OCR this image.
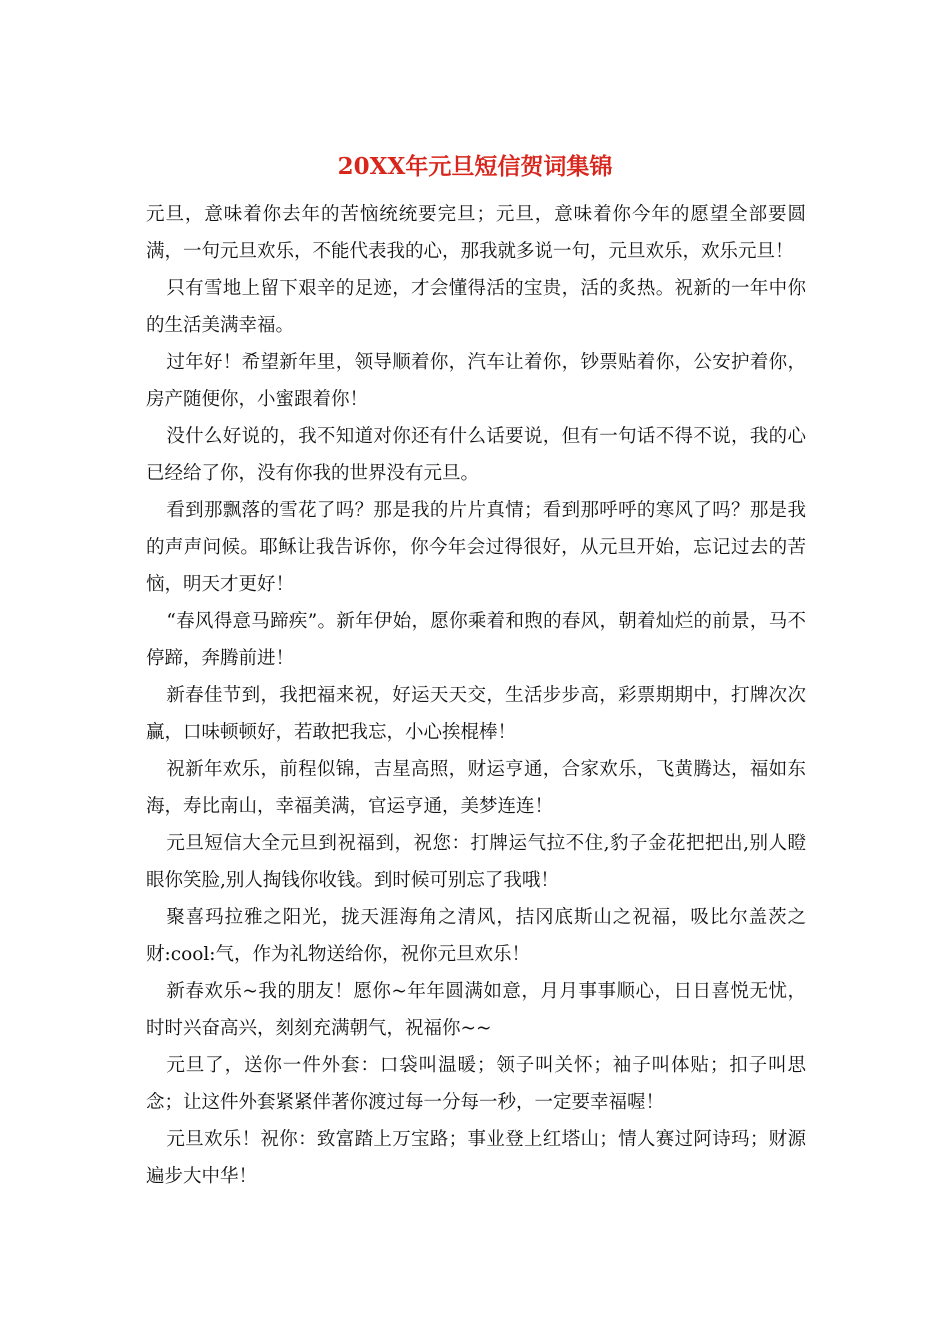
20XX年元旦短信贺词集锦

元旦，意味着你去年的苦恼统统要完旦；元旦，意味着你今年的愿望全部要圆满，一句元旦欢乐，不能代表我的心，那我就多说一句，元旦欢乐，欢乐元旦！

只有雪地上留下艰辛的足迹，才会懂得活的宝贵，活的炙热。祝新的一年中你的生活美满幸福。

过年好！希望新年里，领导顺着你，汽车让着你，钞票贴着你，公安护着你，房产随便你，小蜜跟着你！

没什么好说的，我不知道对你还有什么话要说，但有一句话不得不说，我的心已经给了你，没有你我的世界没有元旦。

看到那飘落的雪花了吗？那是我的片片真情；看到那呼呼的寒风了吗？那是我的声声问候。耶稣让我告诉你，你今年会过得很好，从元旦开始，忘记过去的苦恼，明天才更好！

“春风得意马蹄疾”。新年伊始，愿你乘着和煦的春风，朝着灿烂的前景，马不停蹄，奔腾前进！

新春佳节到，我把福来祝，好运天天交，生活步步高，彩票期期中，打牌次次赢，口味顿顿好，若敢把我忘，小心挨棍棒！

祝新年欢乐，前程似锦，吉星高照，财运亨通，合家欢乐，飞黄腾达，福如东海，寿比南山，幸福美满，官运亨通，美梦连连！

元旦短信大全元旦到祝福到，祝您：打牌运气拉不住,豹子金花把把出,别人瞪眼你笑脸,别人掏钱你收钱。到时候可别忘了我哦！

聚喜玛拉雅之阳光，拢天涯海角之清风，拮冈底斯山之祝福，吸比尔盖茨之财:cool:气，作为礼物送给你，祝你元旦欢乐！

新春欢乐~我的朋友！愿你~年年圆满如意，月月事事顺心，日日喜悦无忧，时时兴奋高兴，刻刻充满朝气，祝福你~~

元旦了，送你一件外套：口袋叫温暖；领子叫关怀；袖子叫体贴；扣子叫思念；让这件外套紧紧伴著你渡过每一分每一秒，一定要幸福喔！

元旦欢乐！祝你：致富踏上万宝路；事业登上红塔山；情人赛过阿诗玛；财源遍步大中华！
